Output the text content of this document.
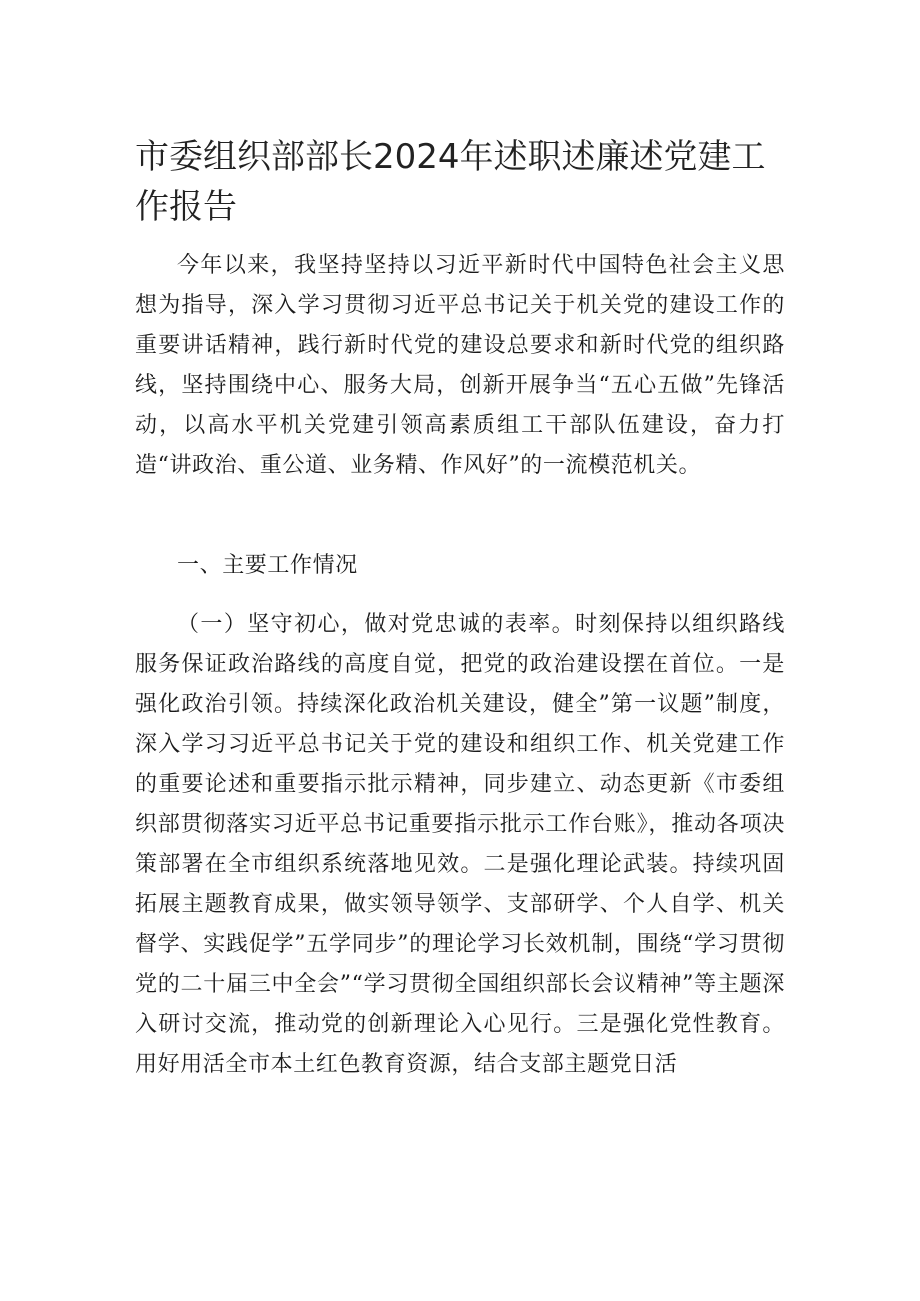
市委组织部部长2024年述职述廉述党建工作报告

今年以来，我坚持坚持以习近平新时代中国特色社会主义思想为指导，深入学习贯彻习近平总书记关于机关党的建设工作的重要讲话精神，践行新时代党的建设总要求和新时代党的组织路线，坚持围绕中心、服务大局，创新开展争当“五心五做”先锋活动，以高水平机关党建引领高素质组工干部队伍建设，奋力打造“讲政治、重公道、业务精、作风好”的一流模范机关。

一、主要工作情况

（一）坚守初心，做对党忠诚的表率。时刻保持以组织路线服务保证政治路线的高度自觉，把党的政治建设摆在首位。一是强化政治引领。持续深化政治机关建设，健全”第一议题”制度，深入学习习近平总书记关于党的建设和组织工作、机关党建工作的重要论述和重要指示批示精神，同步建立、动态更新《市委组织部贯彻落实习近平总书记重要指示批示工作台账》，推动各项决策部署在全市组织系统落地见效。二是强化理论武装。持续巩固拓展主题教育成果，做实领导领学、支部研学、个人自学、机关督学、实践促学”五学同步”的理论学习长效机制，围绕“学习贯彻党的二十届三中全会”“学习贯彻全国组织部长会议精神”等主题深入研讨交流，推动党的创新理论入心见行。三是强化党性教育。用好用活全市本土红色教育资源，结合支部主题党日活
